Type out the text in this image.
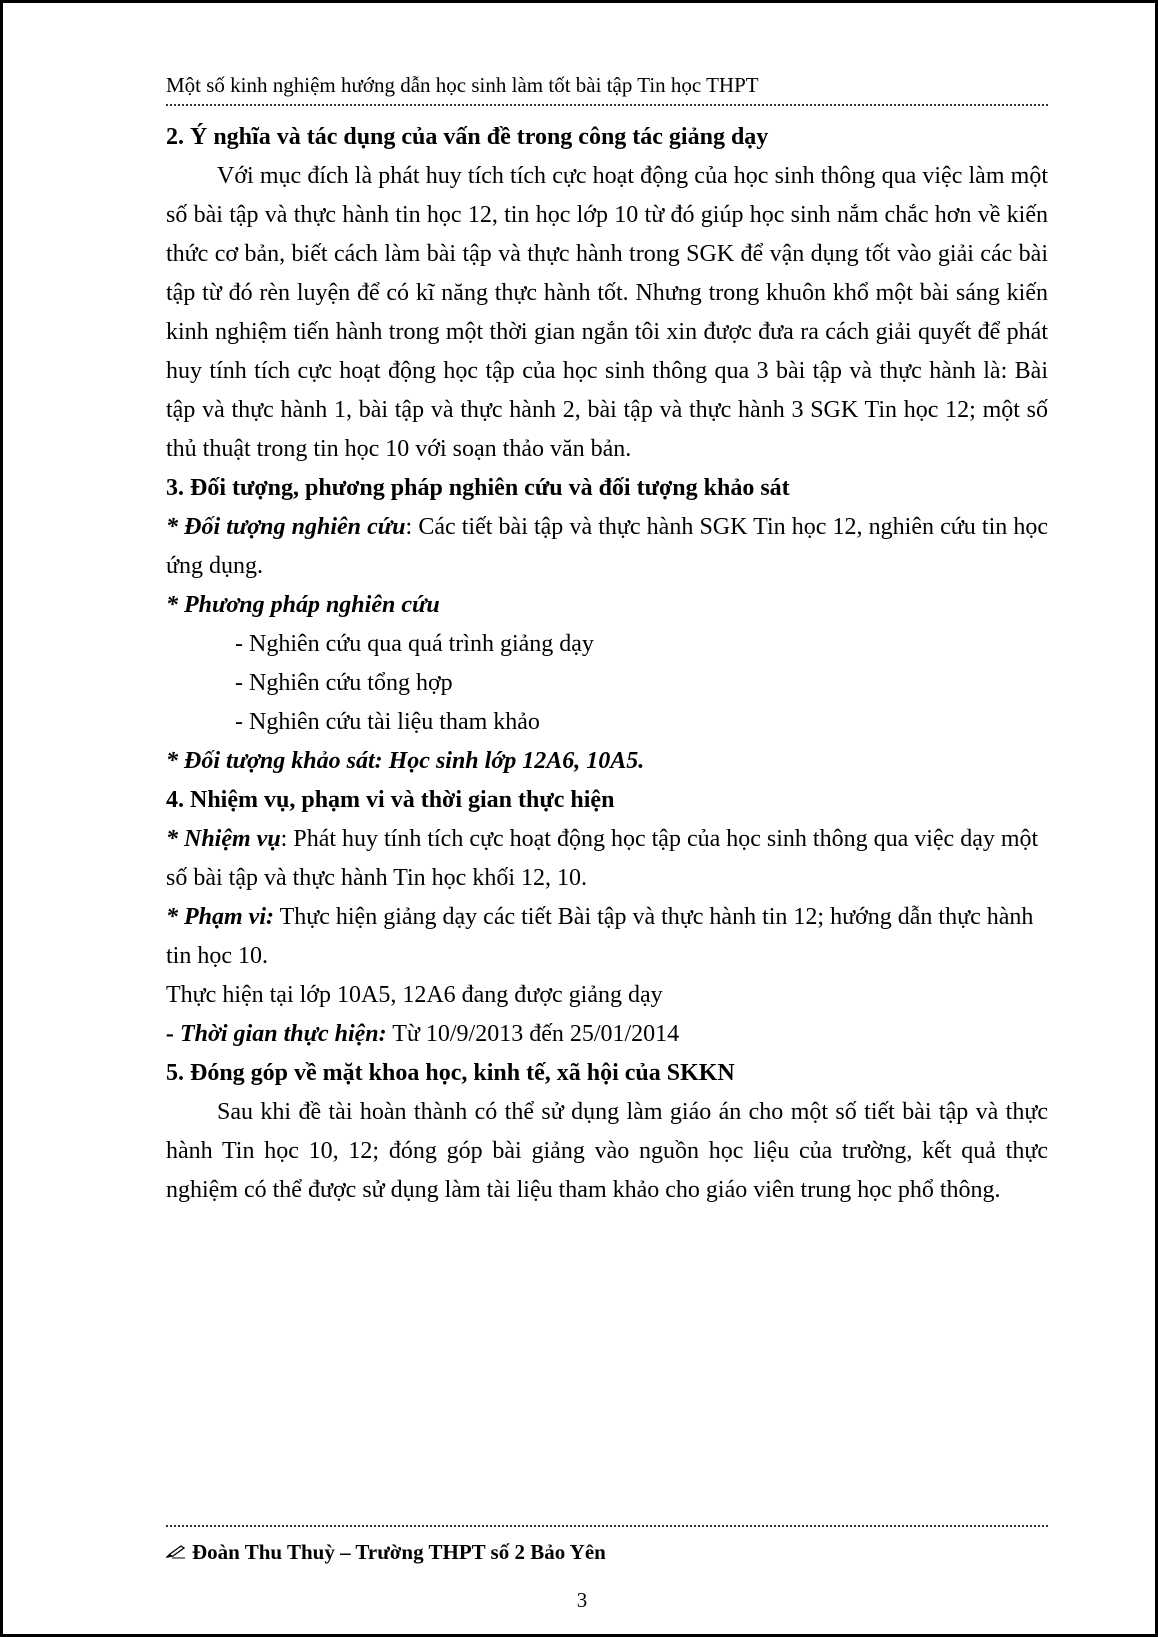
Một số kinh nghiệm hướng dẫn học sinh làm tốt bài tập Tin học THPT

2. Ý nghĩa và tác dụng của vấn đề trong công tác giảng dạy

Với mục đích là phát huy tích tích cực hoạt động của học sinh thông qua việc làm một số bài tập và thực hành tin học 12, tin học lớp 10 từ đó giúp học sinh nắm chắc hơn về kiến thức cơ bản, biết cách làm bài tập và thực hành trong SGK để vận dụng tốt vào giải các bài tập từ đó rèn luyện để có kĩ năng thực hành tốt. Nhưng trong khuôn khổ một bài sáng kiến kinh nghiệm tiến hành trong một thời gian ngắn tôi xin được đưa ra cách giải quyết để phát huy tính tích cực hoạt động học tập của học sinh thông qua 3 bài tập và thực hành là: Bài tập và thực hành 1, bài tập và thực hành 2, bài tập và thực hành 3 SGK Tin học 12; một số thủ thuật trong tin học 10 với soạn thảo văn bản.

3. Đối tượng, phương pháp nghiên cứu và đối tượng khảo sát

* Đối tượng nghiên cứu: Các tiết bài tập và thực hành SGK Tin học 12, nghiên cứu tin học ứng dụng.

* Phương pháp nghiên cứu

- Nghiên cứu qua quá trình giảng dạy

- Nghiên cứu tổng hợp

- Nghiên cứu tài liệu tham khảo

* Đối tượng khảo sát: Học sinh lớp 12A6, 10A5.

4. Nhiệm vụ, phạm vi và thời gian thực hiện

* Nhiệm vụ: Phát huy tính tích cực hoạt động học tập của học sinh thông qua việc dạy một số bài tập và thực hành Tin học khối 12, 10.

* Phạm vi: Thực hiện giảng dạy các tiết Bài tập và thực hành tin 12; hướng dẫn thực hành tin học 10.

Thực hiện tại lớp 10A5, 12A6 đang được giảng dạy

- Thời gian thực hiện: Từ 10/9/2013 đến 25/01/2014

5. Đóng góp về mặt khoa học, kinh tế, xã hội của SKKN

Sau khi đề tài hoàn thành có thể sử dụng làm giáo án cho một số tiết bài tập và thực hành Tin học 10, 12; đóng góp bài giảng vào nguồn học liệu của trường, kết quả thực nghiệm có thể được sử dụng làm tài liệu tham khảo cho giáo viên trung học phổ thông.

Đoàn Thu Thuỳ – Trường THPT số 2 Bảo Yên
3
